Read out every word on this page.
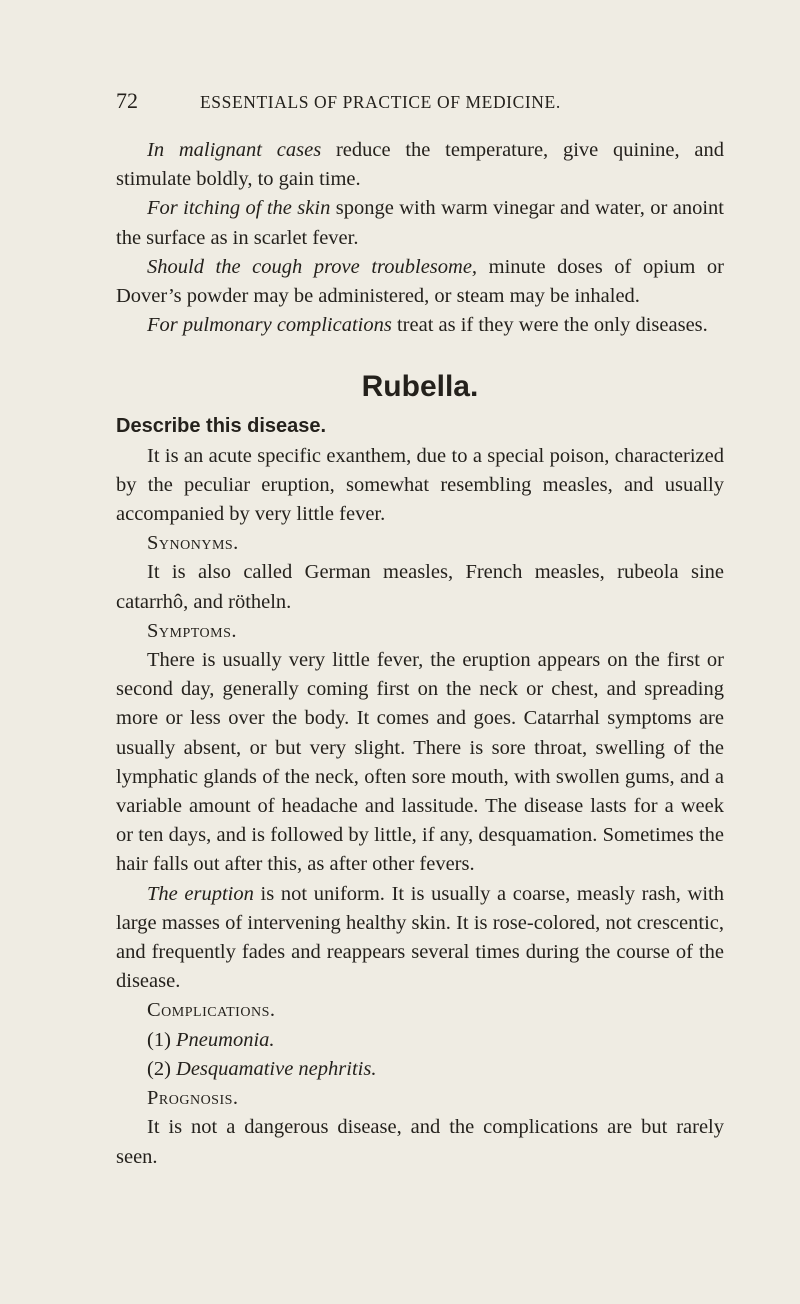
72	ESSENTIALS OF PRACTICE OF MEDICINE.

In malignant cases reduce the temperature, give quinine, and stimulate boldly, to gain time.

For itching of the skin sponge with warm vinegar and water, or anoint the surface as in scarlet fever.

Should the cough prove troublesome, minute doses of opium or Dover’s powder may be administered, or steam may be inhaled.

For pulmonary complications treat as if they were the only diseases.

Rubella.
Describe this disease.

It is an acute specific exanthem, due to a special poison, characterized by the peculiar eruption, somewhat resembling measles, and usually accompanied by very little fever.

Synonyms.

It is also called German measles, French measles, rubeola sine catarrhô, and rötheln.

Symptoms.

There is usually very little fever, the eruption appears on the first or second day, generally coming first on the neck or chest, and spreading more or less over the body. It comes and goes. Catarrhal symptoms are usually absent, or but very slight. There is sore throat, swelling of the lymphatic glands of the neck, often sore mouth, with swollen gums, and a variable amount of headache and lassitude. The disease lasts for a week or ten days, and is followed by little, if any, desquamation. Sometimes the hair falls out after this, as after other fevers.

The eruption is not uniform. It is usually a coarse, measly rash, with large masses of intervening healthy skin. It is rose-colored, not crescentic, and frequently fades and reappears several times during the course of the disease.

Complications.

(1) Pneumonia.

(2) Desquamative nephritis.

Prognosis.

It is not a dangerous disease, and the complications are but rarely seen.
